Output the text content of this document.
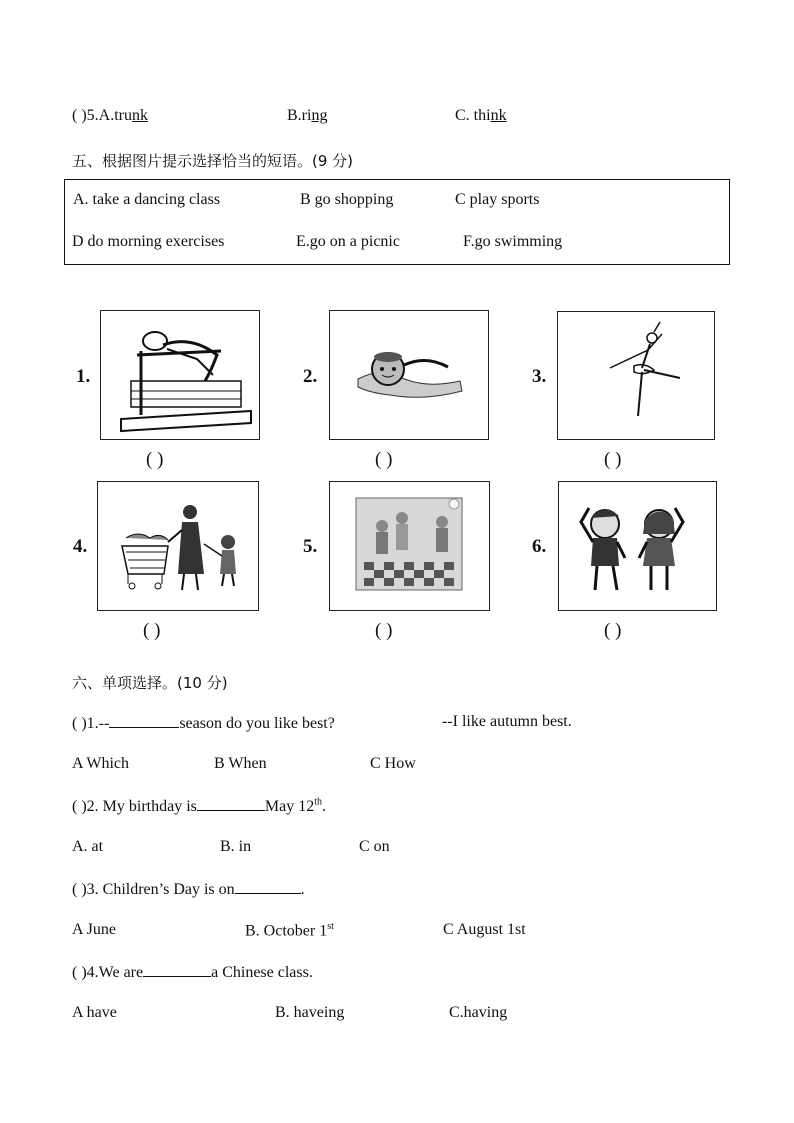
( )5.A.trunk	B.ring	C. think
五、根据图片提示选择恰当的短语。(9 分)
A. take a dancing class	B go shopping	C play sports
D do morning exercises	E.go on a picnic	F.go swimming
1.
( )
2.
( )
3.
( )
4.
( )
5.
( )
6.
( )
六、单项选择。(10 分)
( )1.--	season do you like best?	--I like autumn best.
A Which	B When	C How
( )2. My birthday is	May 12th.
A. at	B. in	C on
( )3. Children’s Day is on	.
A June	B. October 1st	C August 1st
( )4.We are	a Chinese class.
A have	B. haveing	C.having
